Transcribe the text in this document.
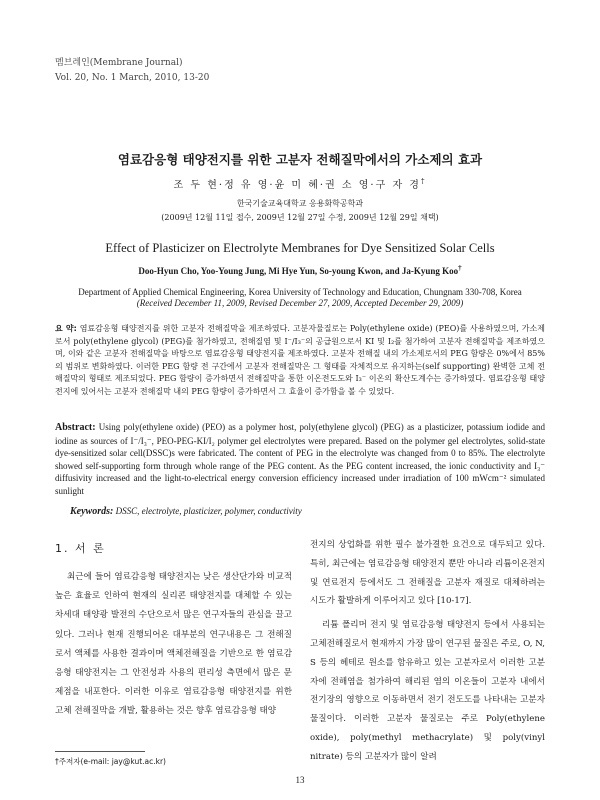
멤브레인(Membrane Journal)
Vol. 20, No. 1 March, 2010, 13-20
염료감응형 태양전지를 위한 고분자 전해질막에서의 가소제의 효과
조 두 현·정 유 영·윤 미 혜·권 소 영·구 자 경†
한국기술교육대학교 응용화학공학과
(2009년 12월 11일 접수, 2009년 12월 27일 수정, 2009년 12월 29일 채택)
Effect of Plasticizer on Electrolyte Membranes for Dye Sensitized Solar Cells
Doo-Hyun Cho, Yoo-Young Jung, Mi Hye Yun, So-young Kwon, and Ja-Kyung Koo†
Department of Applied Chemical Engineering, Korea University of Technology and Education, Chungnam 330-708, Korea
(Received December 11, 2009, Revised December 27, 2009, Accepted December 29, 2009)
요 약: 염료감응형 태양전지를 위한 고분자 전해질막을 제조하였다. 고분자물질로는 Poly(ethylene oxide) (PEO)를 사용하였으며, 가소제로서 poly(ethylene glycol) (PEG)를 첨가하였고, 전해질염 및 I⁻/I₃⁻의 공급원으로서 KI 및 I₂를 첨가하여 고분자 전해질막을 제조하였으며, 이와 같은 고분자 전해질막을 바탕으로 염료감응형 태양전지를 제조하였다. 고분자 전해질 내의 가소제로서의 PEG 함량은 0%에서 85%의 범위로 변화하였다. 이러한 PEG 함량 전 구간에서 고분자 전해질막은 그 형태를 자체적으로 유지하는(self supporting) 완벽한 고체 전해질막의 형태로 제조되었다. PEG 함량이 증가하면서 전해질막을 통한 이온전도도와 I₃⁻ 이온의 확산도계수는 증가하였다. 염료감응형 태양전지에 있어서는 고분자 전해질막 내의 PEG 함량이 증가하면서 그 효율이 증가함을 볼 수 있었다.
Abstract: Using poly(ethylene oxide) (PEO) as a polymer host, poly(ethylene glycol) (PEG) as a plasticizer, potassium iodide and iodine as sources of I⁻/I₃⁻, PEO-PEG-KI/I₂ polymer gel electrolytes were prepared. Based on the polymer gel electrolytes, solid-state dye-sensitized solar cell(DSSC)s were fabricated. The content of PEG in the electrolyte was changed from 0 to 85%. The electrolyte showed self-supporting form through whole range of the PEG content. As the PEG content increased, the ionic conductivity and I₃⁻ diffusivity increased and the light-to-electrical energy conversion efficiency increased under irradiation of 100 mWcm⁻² simulated sunlight
Keywords: DSSC, electrolyte, plasticizer, polymer, conductivity
1. 서 론
최근에 들어 염료감응형 태양전지는 낮은 생산단가와 비교적 높은 효율로 인하여 현재의 실리콘 태양전지를 대체할 수 있는 차세대 태양광 발전의 수단으로서 많은 연구자들의 관심을 끌고 있다. 그러나 현재 진행되어온 대부분의 연구내용은 그 전해질로서 액체를 사용한 결과이며 액체전해질을 기반으로 한 염료감응형 태양전지는 그 안전성과 사용의 편리성 측면에서 많은 문제점을 내포한다. 이러한 이유로 염료감응형 태양전지를 위한 고체 전해질막을 개발, 활용하는 것은 향후 염료감응형 태양
전지의 상업화를 위한 필수 불가결한 요건으로 대두되고 있다. 특히, 최근에는 염료감응형 태양전지 뿐만 아니라 리튬이온전지 및 연료전지 등에서도 그 전해질을 고분자 재질로 대체하려는 시도가 활발하게 이루어지고 있다 [10-17].
리튬 폴리머 전지 및 염료감응형 태양전지 등에서 사용되는 고체전해질로서 현재까지 가장 많이 연구된 물질은 주로, O, N, S 등의 헤테로 원소를 함유하고 있는 고분자로서 이러한 고분자에 전해염을 첨가하여 해리된 염의 이온들이 고분자 내에서 전기장의 영향으로 이동하면서 전기 전도도를 나타내는 고분자 물질이다. 이러한 고분자 물질로는 주로 Poly(ethylene oxide), poly(methyl methacrylate) 및 poly(vinyl nitrate) 등의 고분자가 많이 알려
†주저자(e-mail: jay@kut.ac.kr)
13
